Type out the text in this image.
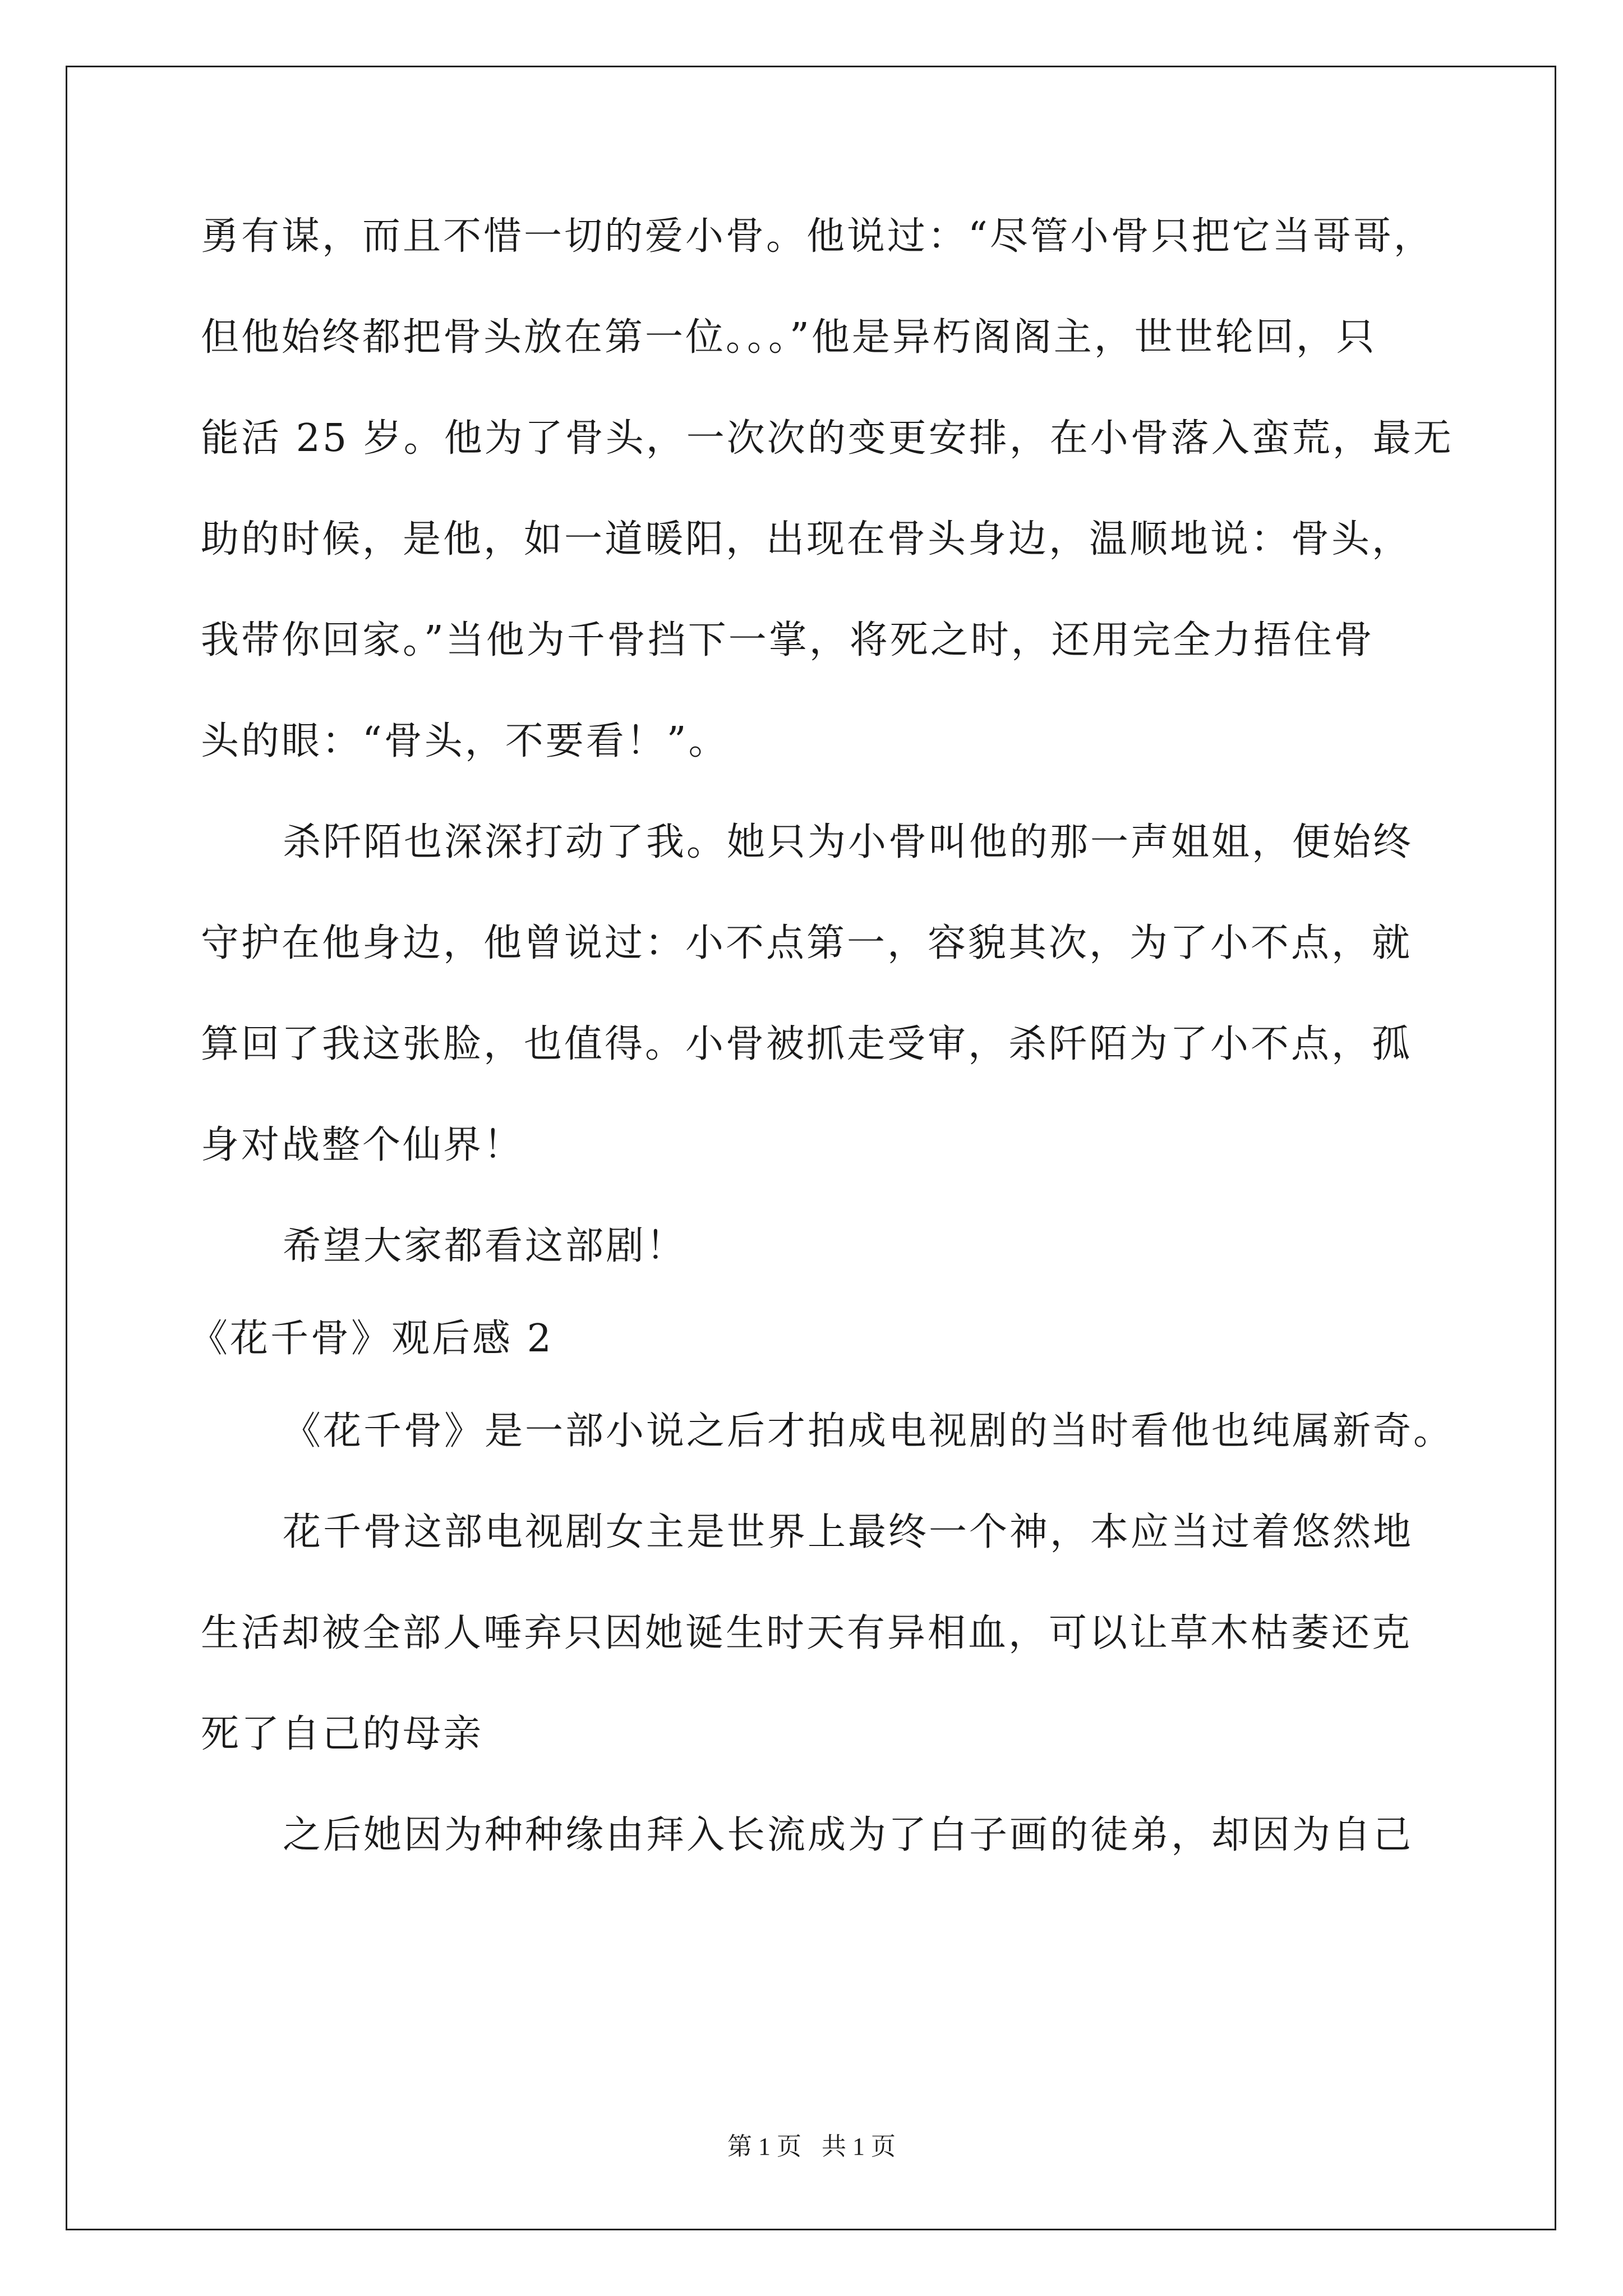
勇有谋，而且不惜一切的爱小骨。他说过：“尽管小骨只把它当哥哥，
但他始终都把骨头放在第一位。。。”他是异朽阁阁主，世世轮回，只
能活 25 岁。他为了骨头，一次次的变更安排，在小骨落入蛮荒，最无
助的时候，是他，如一道暖阳，出现在骨头身边，温顺地说：骨头，
我带你回家。”当他为千骨挡下一掌，将死之时，还用完全力捂住骨
头的眼：“骨头，不要看！”。
杀阡陌也深深打动了我。她只为小骨叫他的那一声姐姐，便始终
守护在他身边，他曾说过：小不点第一，容貌其次，为了小不点，就
算回了我这张脸，也值得。小骨被抓走受审，杀阡陌为了小不点，孤
身对战整个仙界！
希望大家都看这部剧！
《花千骨》观后感 2
《花千骨》是一部小说之后才拍成电视剧的当时看他也纯属新奇。
花千骨这部电视剧女主是世界上最终一个神，本应当过着悠然地
生活却被全部人唾弃只因她诞生时天有异相血，可以让草木枯萎还克
死了自己的母亲
之后她因为种种缘由拜入长流成为了白子画的徒弟，却因为自己
第 1 页 共 1 页
